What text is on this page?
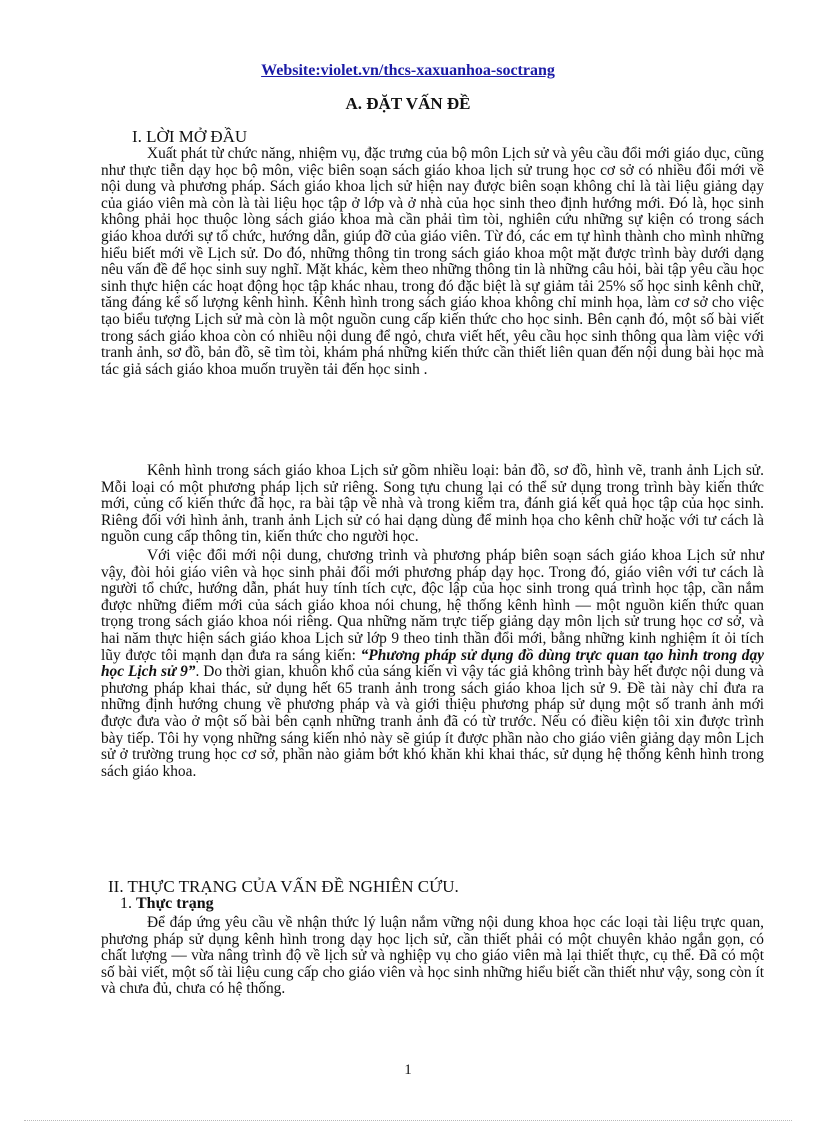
Website:violet.vn/thcs-xaxuanhoa-soctrang
A. ĐẶT VẤN ĐỀ
I. LỜI MỞ ĐẦU

Xuất phát từ chức năng, nhiệm vụ, đặc trưng của bộ môn Lịch sử và yêu cầu đổi mới giáo dục, cũng như thực tiễn dạy học bộ môn, việc biên soạn sách giáo khoa lịch sử trung học cơ sở có nhiều đổi mới về nội dung và phương pháp. Sách giáo khoa lịch sử hiện nay được biên soạn không chỉ là tài liệu giảng dạy của giáo viên mà còn là tài liệu học tập ở lớp và ở nhà của học sinh theo định hướng mới. Đó là, học sinh không phải học thuộc lòng sách giáo khoa mà cần phải tìm tòi, nghiên cứu những sự kiện có trong sách giáo khoa dưới sự tổ chức, hướng dẫn, giúp đỡ của giáo viên. Từ đó, các em tự hình thành cho mình những hiểu biết mới về Lịch sử. Do đó, những thông tin trong sách giáo khoa một mặt được trình bày dưới dạng nêu vấn đề để học sinh suy nghĩ. Mặt khác, kèm theo những thông tin là những câu hỏi, bài tập yêu cầu học sinh thực hiện các hoạt động học tập khác nhau, trong đó đặc biệt là sự giảm tải 25% số học sinh kênh chữ, tăng đáng kể số lượng kênh hình. Kênh hình trong sách giáo khoa không chỉ minh họa, làm cơ sở cho việc tạo biểu tượng Lịch sử mà còn là một nguồn cung cấp kiến thức cho học sinh. Bên cạnh đó, một số bài viết trong sách giáo khoa còn có nhiều nội dung để ngỏ, chưa viết hết, yêu cầu học sinh thông qua làm việc với tranh ảnh, sơ đồ, bản đồ, sẽ tìm tòi, khám phá những kiến thức cần thiết liên quan đến nội dung bài học mà tác giả sách giáo khoa muốn truyền tải đến học sinh .

Kênh hình trong sách giáo khoa Lịch sử gồm nhiều loại: bản đồ, sơ đồ, hình vẽ, tranh ảnh Lịch sử. Mỗi loại có một phương pháp lịch sử riêng. Song tựu chung lại có thể sử dụng trong trình bày kiến thức mới, củng cố kiến thức đã học, ra bài tập về nhà và trong kiểm tra, đánh giá kết quả học tập của học sinh. Riêng đối với hình ảnh, tranh ảnh Lịch sử có hai dạng dùng để minh họa cho kênh chữ hoặc với tư cách là nguồn cung cấp thông tin, kiến thức cho người học.

Với việc đổi mới nội dung, chương trình và phương pháp biên soạn sách giáo khoa Lịch sử như vậy, đòi hỏi giáo viên và học sinh phải đổi mới phương pháp dạy học. Trong đó, giáo viên với tư cách là người tổ chức, hướng dẫn, phát huy tính tích cực, độc lập của học sinh trong quá trình học tập, cần nắm được những điểm mới của sách giáo khoa nói chung, hệ thống kênh hình — một nguồn kiến thức quan trọng trong sách giáo khoa nói riêng. Qua những năm trực tiếp giảng dạy môn lịch sử trung học cơ sở, và hai năm thực hiện sách giáo khoa Lịch sử lớp 9 theo tinh thần đổi mới, bằng những kinh nghiệm ít ỏi tích lũy được tôi mạnh dạn đưa ra sáng kiến: “Phương pháp sử dụng đồ dùng trực quan tạo hình trong dạy học Lịch sử 9”. Do thời gian, khuôn khổ của sáng kiến vì vậy tác giả không trình bày hết được nội dung và phương pháp khai thác, sử dụng hết 65 tranh ảnh trong sách giáo khoa lịch sử 9. Đề tài này chỉ đưa ra những định hướng chung về phương pháp và và giới thiệu phương pháp sử dụng một số tranh ảnh mới được đưa vào ở một số bài bên cạnh những tranh ảnh đã có từ trước. Nếu có điều kiện tôi xin được trình bày tiếp. Tôi hy vọng những sáng kiến nhỏ này sẽ giúp ít được phần nào cho giáo viên giảng dạy môn Lịch sử ở trường trung học cơ sở, phần nào giảm bớt khó khăn khi khai thác, sử dụng hệ thống kênh hình trong sách giáo khoa.

II. THỰC TRẠNG CỦA VẤN ĐỀ NGHIÊN CỨU.
1. Thực trạng

Để đáp ứng yêu cầu về nhận thức lý luận nắm vững nội dung khoa học các loại tài liệu trực quan, phương pháp sử dụng kênh hình trong dạy học lịch sử, cần thiết phải có một chuyên khảo ngắn gọn, có chất lượng — vừa nâng trình độ về lịch sử và nghiệp vụ cho giáo viên mà lại thiết thực, cụ thể. Đã có một số bài viết, một số tài liệu cung cấp cho giáo viên và học sinh những hiểu biết cần thiết như vậy, song còn ít và chưa đủ, chưa có hệ thống.

1
